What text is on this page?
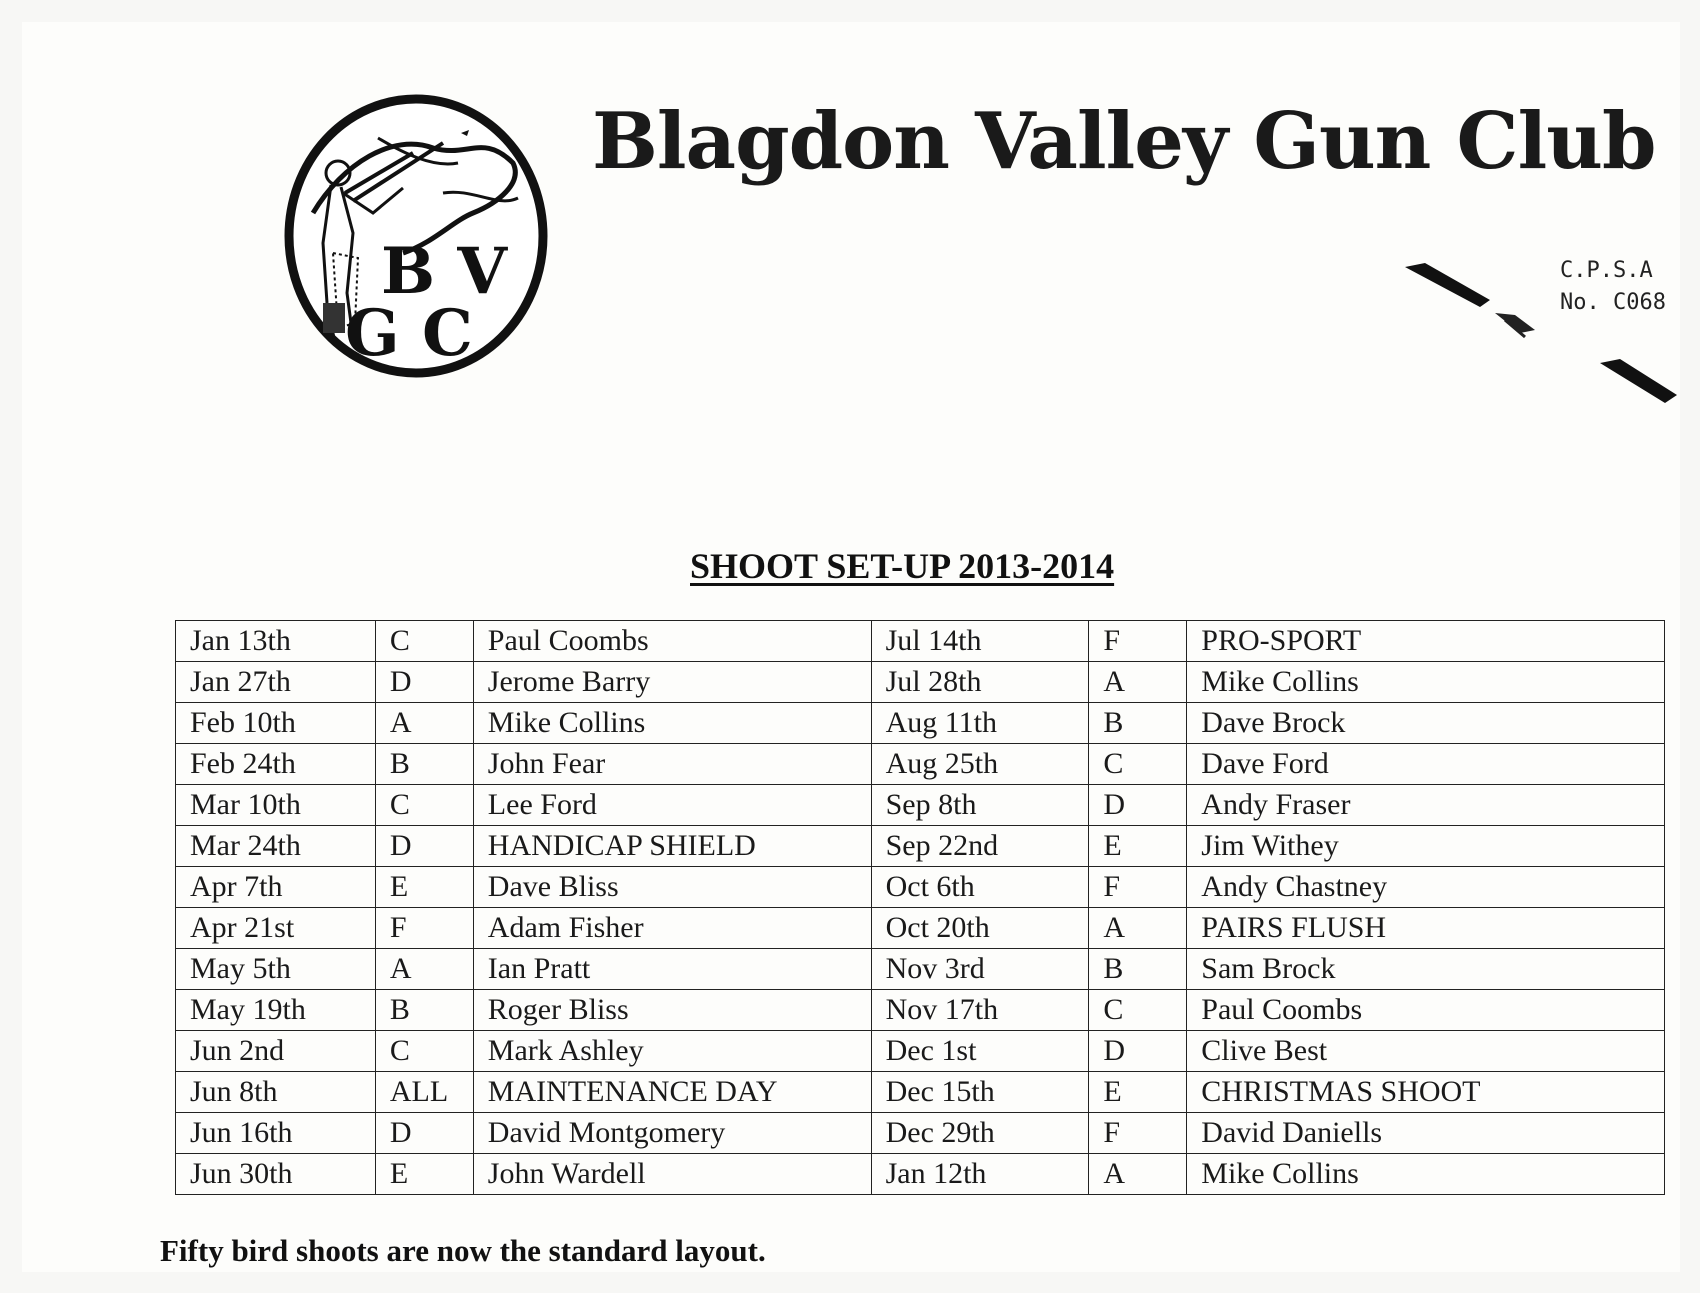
B V
G C
Blagdon Valley Gun Club
C.P.S.A
No. C068
SHOOT SET-UP 2013-2014
Jan 13th	C	Paul Coombs	Jul 14th	F	PRO-SPORT
Jan 27th	D	Jerome Barry	Jul 28th	A	Mike Collins
Feb 10th	A	Mike Collins	Aug 11th	B	Dave Brock
Feb 24th	B	John Fear	Aug 25th	C	Dave Ford
Mar 10th	C	Lee Ford	Sep 8th	D	Andy Fraser
Mar 24th	D	HANDICAP SHIELD	Sep 22nd	E	Jim Withey
Apr 7th	E	Dave Bliss	Oct 6th	F	Andy Chastney
Apr 21st	F	Adam Fisher	Oct 20th	A	PAIRS FLUSH
May 5th	A	Ian Pratt	Nov 3rd	B	Sam Brock
May 19th	B	Roger Bliss	Nov 17th	C	Paul Coombs
Jun 2nd	C	Mark Ashley	Dec 1st	D	Clive Best
Jun 8th	ALL	MAINTENANCE DAY	Dec 15th	E	CHRISTMAS SHOOT
Jun 16th	D	David Montgomery	Dec 29th	F	David Daniells
Jun 30th	E	John Wardell	Jan 12th	A	Mike Collins
Fifty bird shoots are now the standard layout.
